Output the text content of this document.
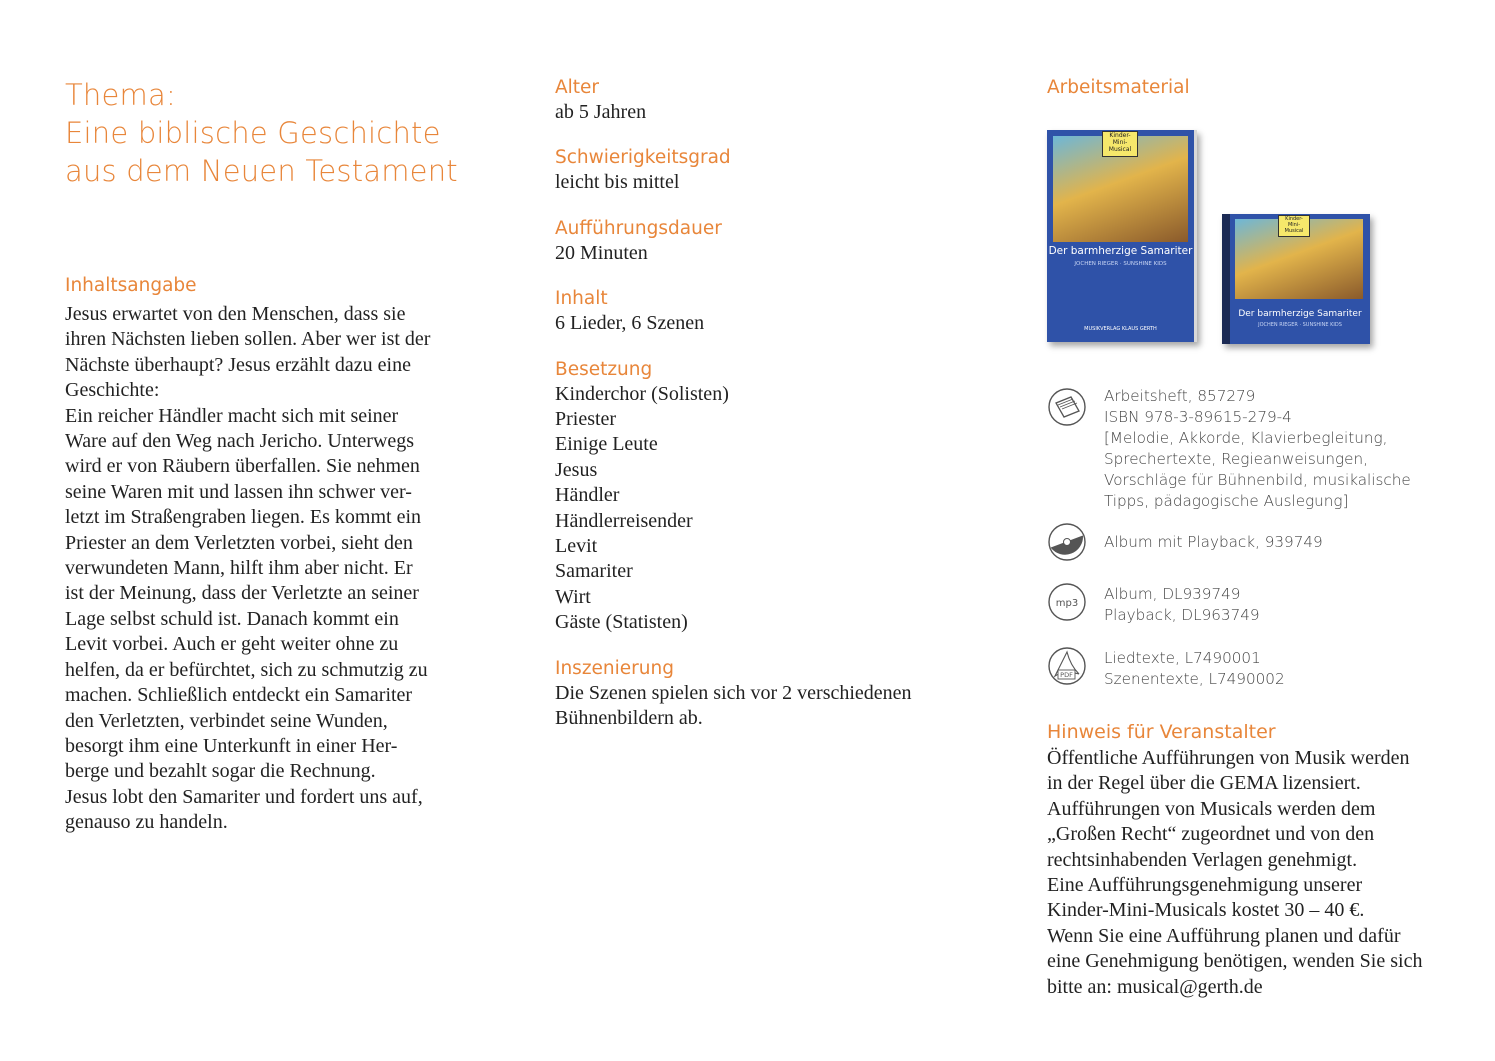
Thema:
Eine biblische Geschichte
aus dem Neuen Testament
Inhaltsangabe
Jesus erwartet von den Menschen, dass sie
ihren Nächsten lieben sollen. Aber wer ist der
Nächste überhaupt? Jesus erzählt dazu eine
Geschichte:
Ein reicher Händler macht sich mit seiner
Ware auf den Weg nach Jericho. Unterwegs
wird er von Räubern überfallen. Sie nehmen
seine Waren mit und lassen ihn schwer ver-
letzt im Straßengraben liegen. Es kommt ein
Priester an dem Verletzten vorbei, sieht den
verwundeten Mann, hilft ihm aber nicht. Er
ist der Meinung, dass der Verletzte an seiner
Lage selbst schuld ist. Danach kommt ein
Levit vorbei. Auch er geht weiter ohne zu
helfen, da er befürchtet, sich zu schmutzig zu
machen. Schließlich entdeckt ein Samariter
den Verletzten, verbindet seine Wunden,
besorgt ihm eine Unterkunft in einer Her-
berge und bezahlt sogar die Rechnung.
Jesus lobt den Samariter und fordert uns auf,
genauso zu handeln.
Alter
ab 5 Jahren
Schwierigkeitsgrad
leicht bis mittel
Aufführungsdauer
20 Minuten
Inhalt
6 Lieder, 6 Szenen
Besetzung
Kinderchor (Solisten)
Priester
Einige Leute
Jesus
Händler
Händlerreisender
Levit
Samariter
Wirt
Gäste (Statisten)
Inszenierung
Die Szenen spielen sich vor 2 verschiedenen
Bühnenbildern ab.
Arbeitsmaterial
Kinder-
Mini-
Musical
Der barmherzige Samariter
JOCHEN RIEGER · SUNSHINE KIDS
MUSIKVERLAG KLAUS GERTH
Kinder-
Mini-
Musical
Der barmherzige Samariter
JOCHEN RIEGER · SUNSHINE KIDS
Arbeitsheft, 857279
ISBN 978-3-89615-279-4
[Melodie, Akkorde, Klavierbegleitung,
Sprechertexte, Regieanweisungen,
Vorschläge für Bühnenbild, musikalische
Tipps, pädagogische Auslegung]
Album mit Playback, 939749
mp3
Album, DL939749
Playback, DL963749
PDF
Liedtexte, L7490001
Szenentexte, L7490002
Hinweis für Veranstalter
Öffentliche Aufführungen von Musik werden
in der Regel über die GEMA lizensiert.
Aufführungen von Musicals werden dem
„Großen Recht“ zugeordnet und von den
rechtsinhabenden Verlagen genehmigt.
Eine Aufführungsgenehmigung unserer
Kinder-Mini-Musicals kostet 30 – 40 €.
Wenn Sie eine Aufführung planen und dafür
eine Genehmigung benötigen, wenden Sie sich
bitte an: musical@gerth.de
